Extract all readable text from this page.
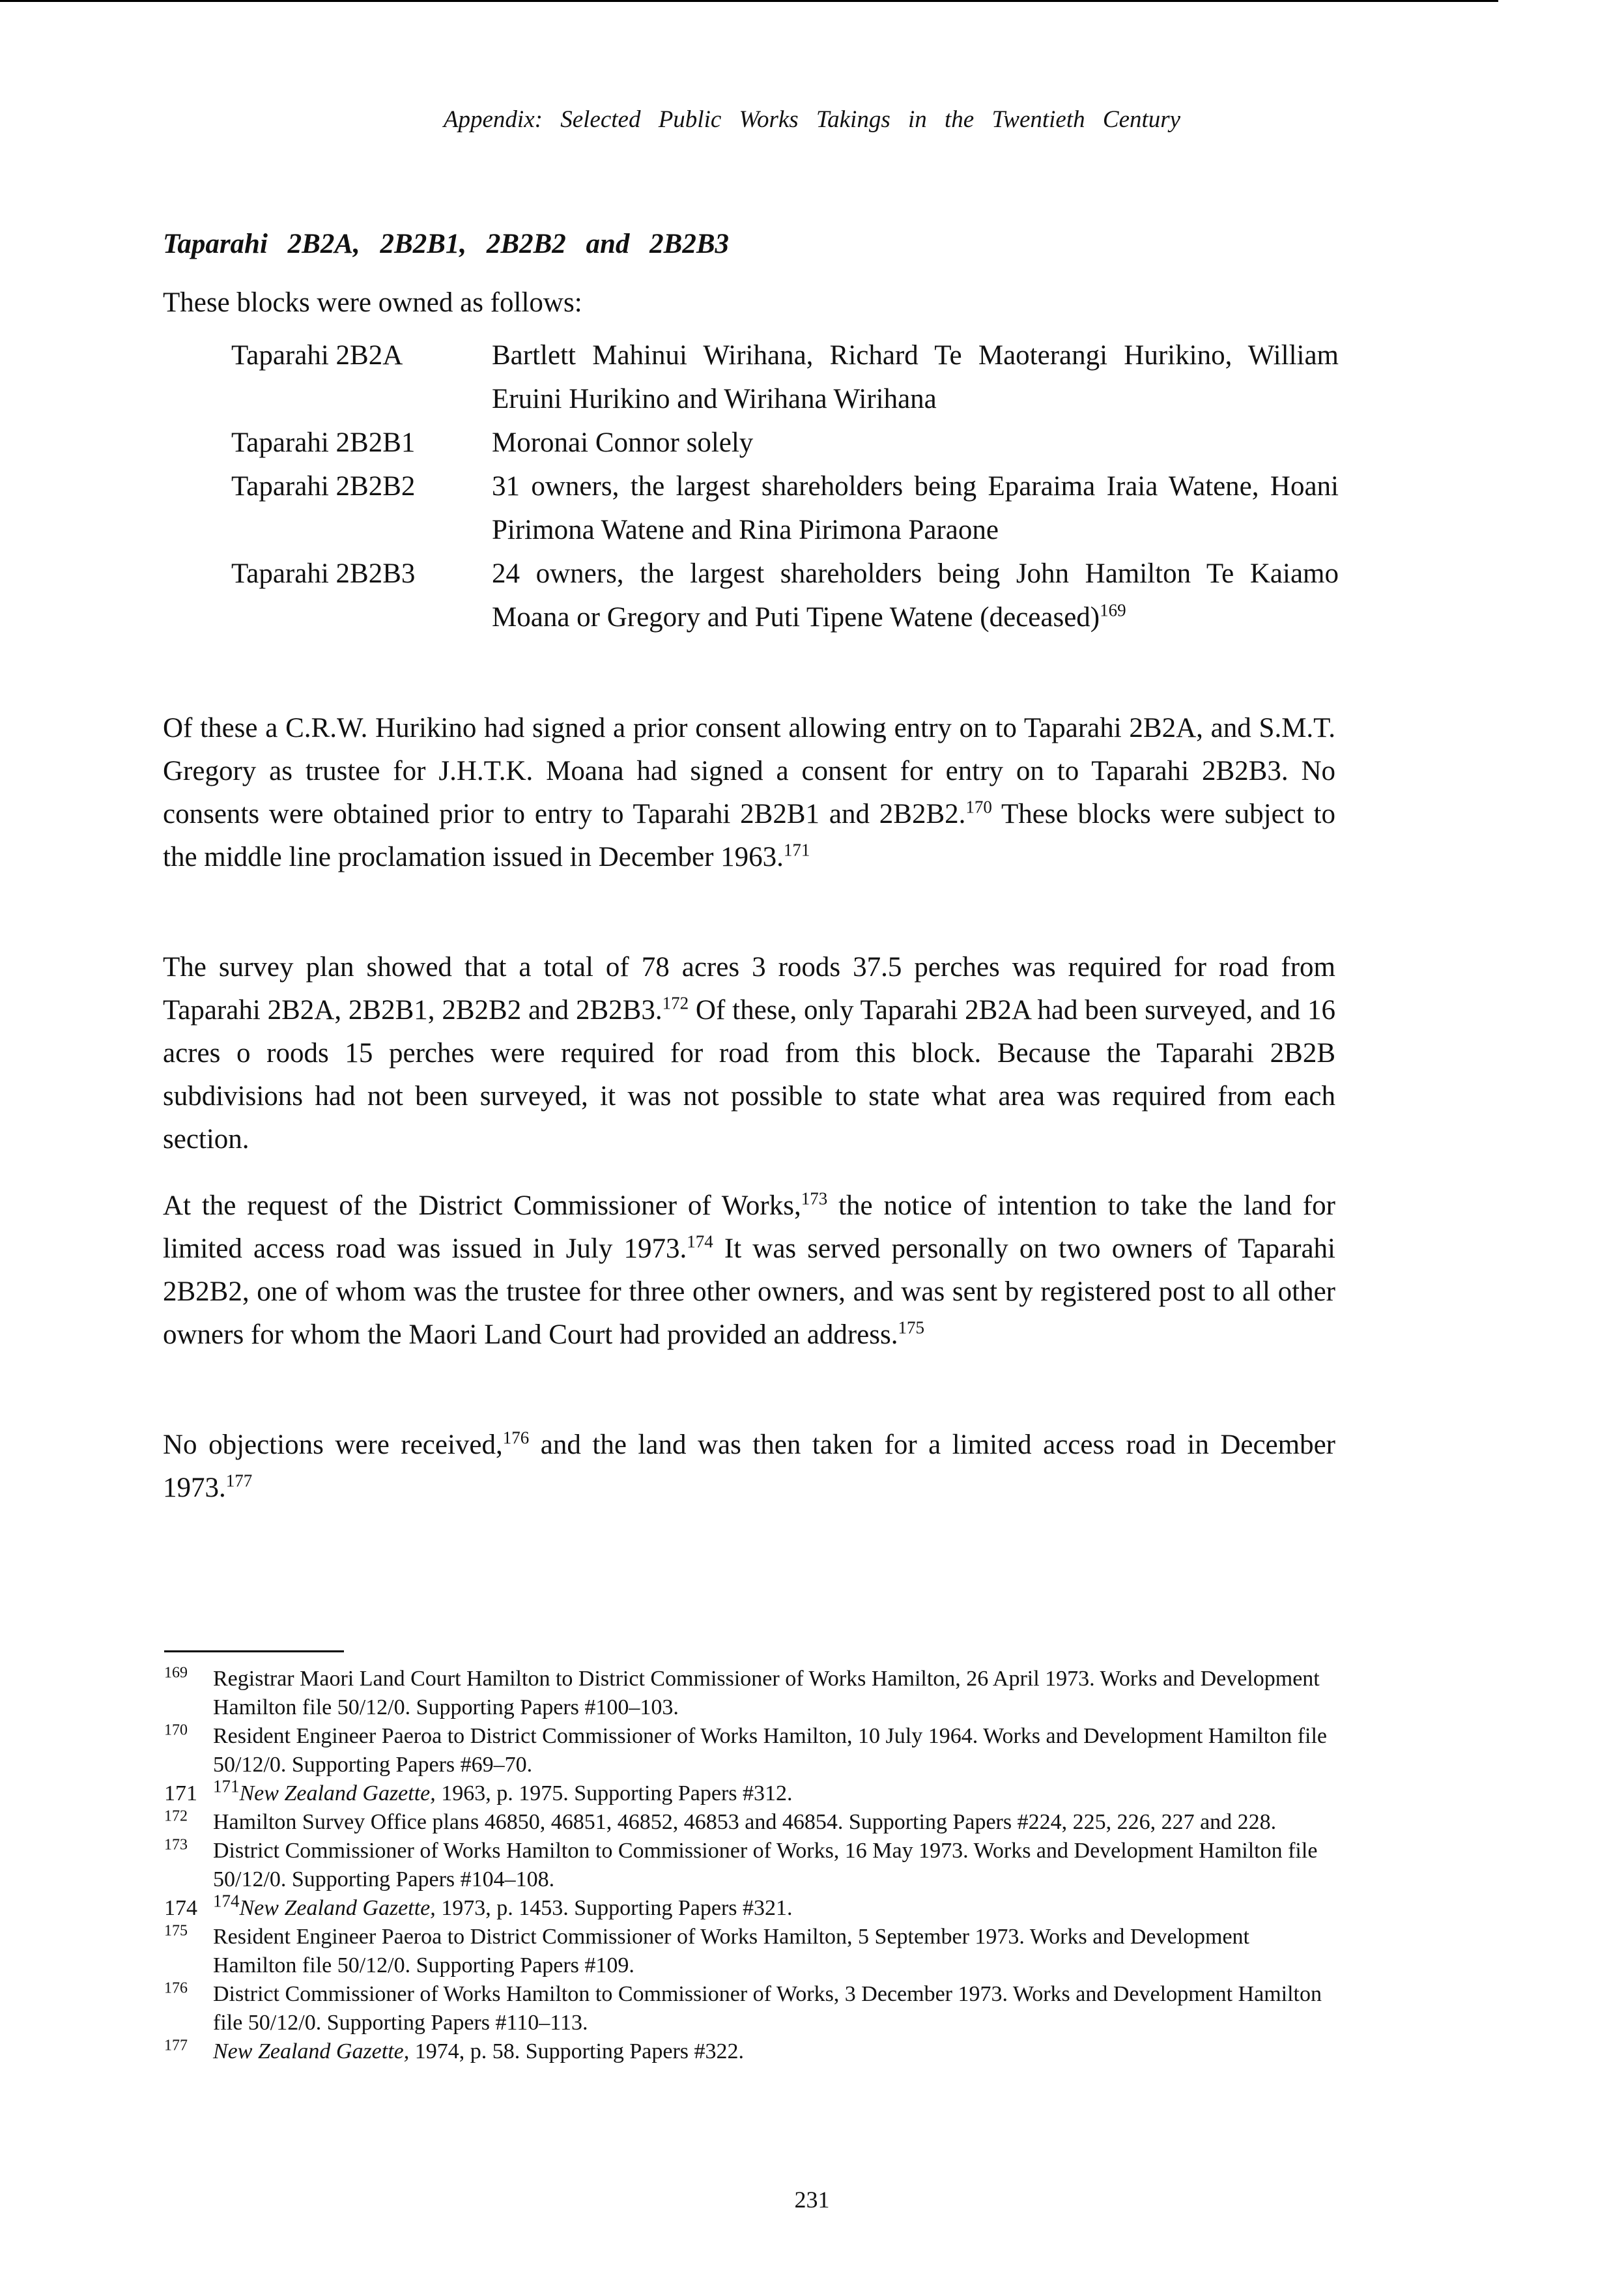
Appendix: Selected Public Works Takings in the Twentieth Century
Taparahi 2B2A, 2B2B1, 2B2B2 and 2B2B3
These blocks were owned as follows:
Taparahi 2B2A	Bartlett Mahinui Wirihana, Richard Te Maoterangi Hurikino, William Eruini Hurikino and Wirihana Wirihana
Taparahi 2B2B1	Moronai Connor solely
Taparahi 2B2B2	31 owners, the largest shareholders being Eparaima Iraia Watene, Hoani Pirimona Watene and Rina Pirimona Paraone
Taparahi 2B2B3	24 owners, the largest shareholders being John Hamilton Te Kaiamo Moana or Gregory and Puti Tipene Watene (deceased)$^{169}$

Of these a C.R.W. Hurikino had signed a prior consent allowing entry on to Taparahi 2B2A, and S.M.T. Gregory as trustee for J.H.T.K. Moana had signed a consent for entry on to Taparahi 2B2B3. No consents were obtained prior to entry to Taparahi 2B2B1 and 2B2B2.$^{170}$ These blocks were subject to the middle line proclamation issued in December 1963.$^{171}$

The survey plan showed that a total of 78 acres 3 roods 37.5 perches was required for road from Taparahi 2B2A, 2B2B1, 2B2B2 and 2B2B3.$^{172}$ Of these, only Taparahi 2B2A had been surveyed, and 16 acres o roods 15 perches were required for road from this block. Because the Taparahi 2B2B subdivisions had not been surveyed, it was not possible to state what area was required from each section.

At the request of the District Commissioner of Works,$^{173}$ the notice of intention to take the land for limited access road was issued in July 1973.$^{174}$ It was served personally on two owners of Taparahi 2B2B2, one of whom was the trustee for three other owners, and was sent by registered post to all other owners for whom the Maori Land Court had provided an address.$^{175}$

No objections were received,$^{176}$ and the land was then taken for a limited access road in December 1973.$^{177}$

$^{169}$	Registrar Maori Land Court Hamilton to District Commissioner of Works Hamilton, 26 April 1973. Works and Development Hamilton file 50/12/0. Supporting Papers #100–103.
$^{170}$	Resident Engineer Paeroa to District Commissioner of Works Hamilton, 10 July 1964. Works and Development Hamilton file 50/12/0. Supporting Papers #69–70.
171 $^{171}$New Zealand Gazette, 1963, p. 1975. Supporting Papers #312.
$^{172}$	Hamilton Survey Office plans 46850, 46851, 46852, 46853 and 46854. Supporting Papers #224, 225, 226, 227 and 228.
$^{173}$	District Commissioner of Works Hamilton to Commissioner of Works, 16 May 1973. Works and Development Hamilton file 50/12/0. Supporting Papers #104–108.
174 $^{174}$New Zealand Gazette, 1973, p. 1453. Supporting Papers #321.
$^{175}$	Resident Engineer Paeroa to District Commissioner of Works Hamilton, 5 September 1973. Works and Development Hamilton file 50/12/0. Supporting Papers #109.
$^{176}$	District Commissioner of Works Hamilton to Commissioner of Works, 3 December 1973. Works and Development Hamilton file 50/12/0. Supporting Papers #110–113.
$^{177}$	New Zealand Gazette, 1974, p. 58. Supporting Papers #322.
231
